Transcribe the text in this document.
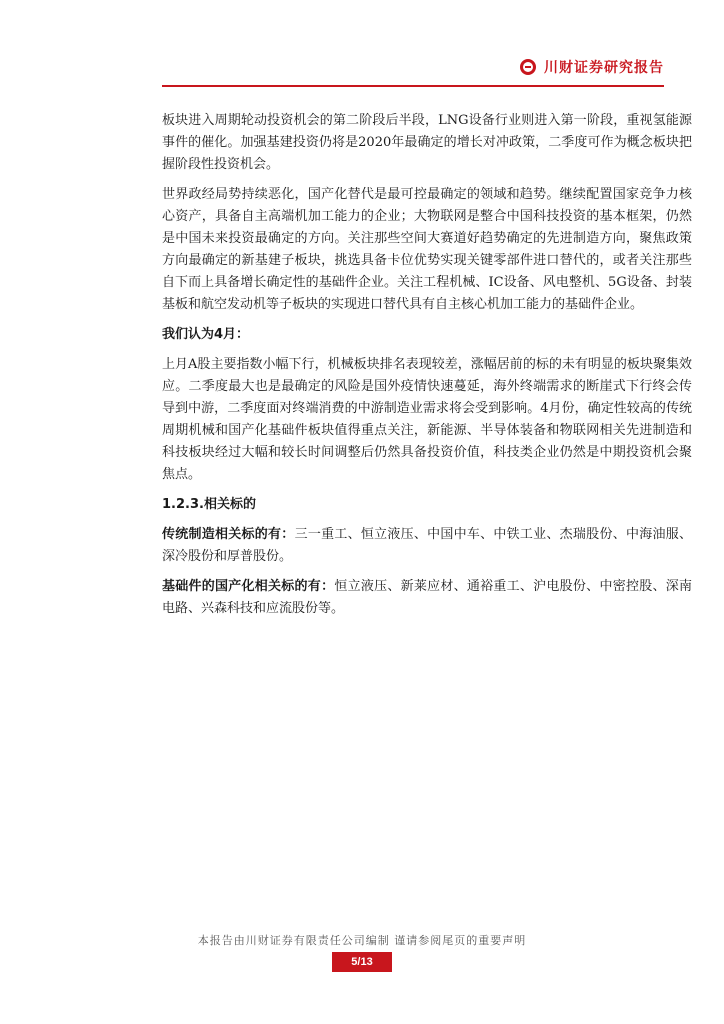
川财证券研究报告

板块进入周期轮动投资机会的第二阶段后半段，LNG设备行业则进入第一阶段，重视氢能源事件的催化。加强基建投资仍将是2020年最确定的增长对冲政策，二季度可作为概念板块把握阶段性投资机会。

世界政经局势持续恶化，国产化替代是最可控最确定的领域和趋势。继续配置国家竞争力核心资产，具备自主高端机加工能力的企业；大物联网是整合中国科技投资的基本框架，仍然是中国未来投资最确定的方向。关注那些空间大赛道好趋势确定的先进制造方向，聚焦政策方向最确定的新基建子板块，挑选具备卡位优势实现关键零部件进口替代的，或者关注那些自下而上具备增长确定性的基础件企业。关注工程机械、IC设备、风电整机、5G设备、封装基板和航空发动机等子板块的实现进口替代具有自主核心机加工能力的基础件企业。

我们认为4月：

上月A股主要指数小幅下行，机械板块排名表现较差，涨幅居前的标的未有明显的板块聚集效应。二季度最大也是最确定的风险是国外疫情快速蔓延，海外终端需求的断崖式下行终会传导到中游，二季度面对终端消费的中游制造业需求将会受到影响。4月份，确定性较高的传统周期机械和国产化基础件板块值得重点关注，新能源、半导体装备和物联网相关先进制造和科技板块经过大幅和较长时间调整后仍然具备投资价值，科技类企业仍然是中期投资机会聚焦点。

1.2.3.相关标的

传统制造相关标的有：三一重工、恒立液压、中国中车、中铁工业、杰瑞股份、中海油服、深冷股份和厚普股份。

基础件的国产化相关标的有：恒立液压、新莱应材、通裕重工、沪电股份、中密控股、深南电路、兴森科技和应流股份等。

本报告由川财证券有限责任公司编制 谨请参阅尾页的重要声明
5/13
